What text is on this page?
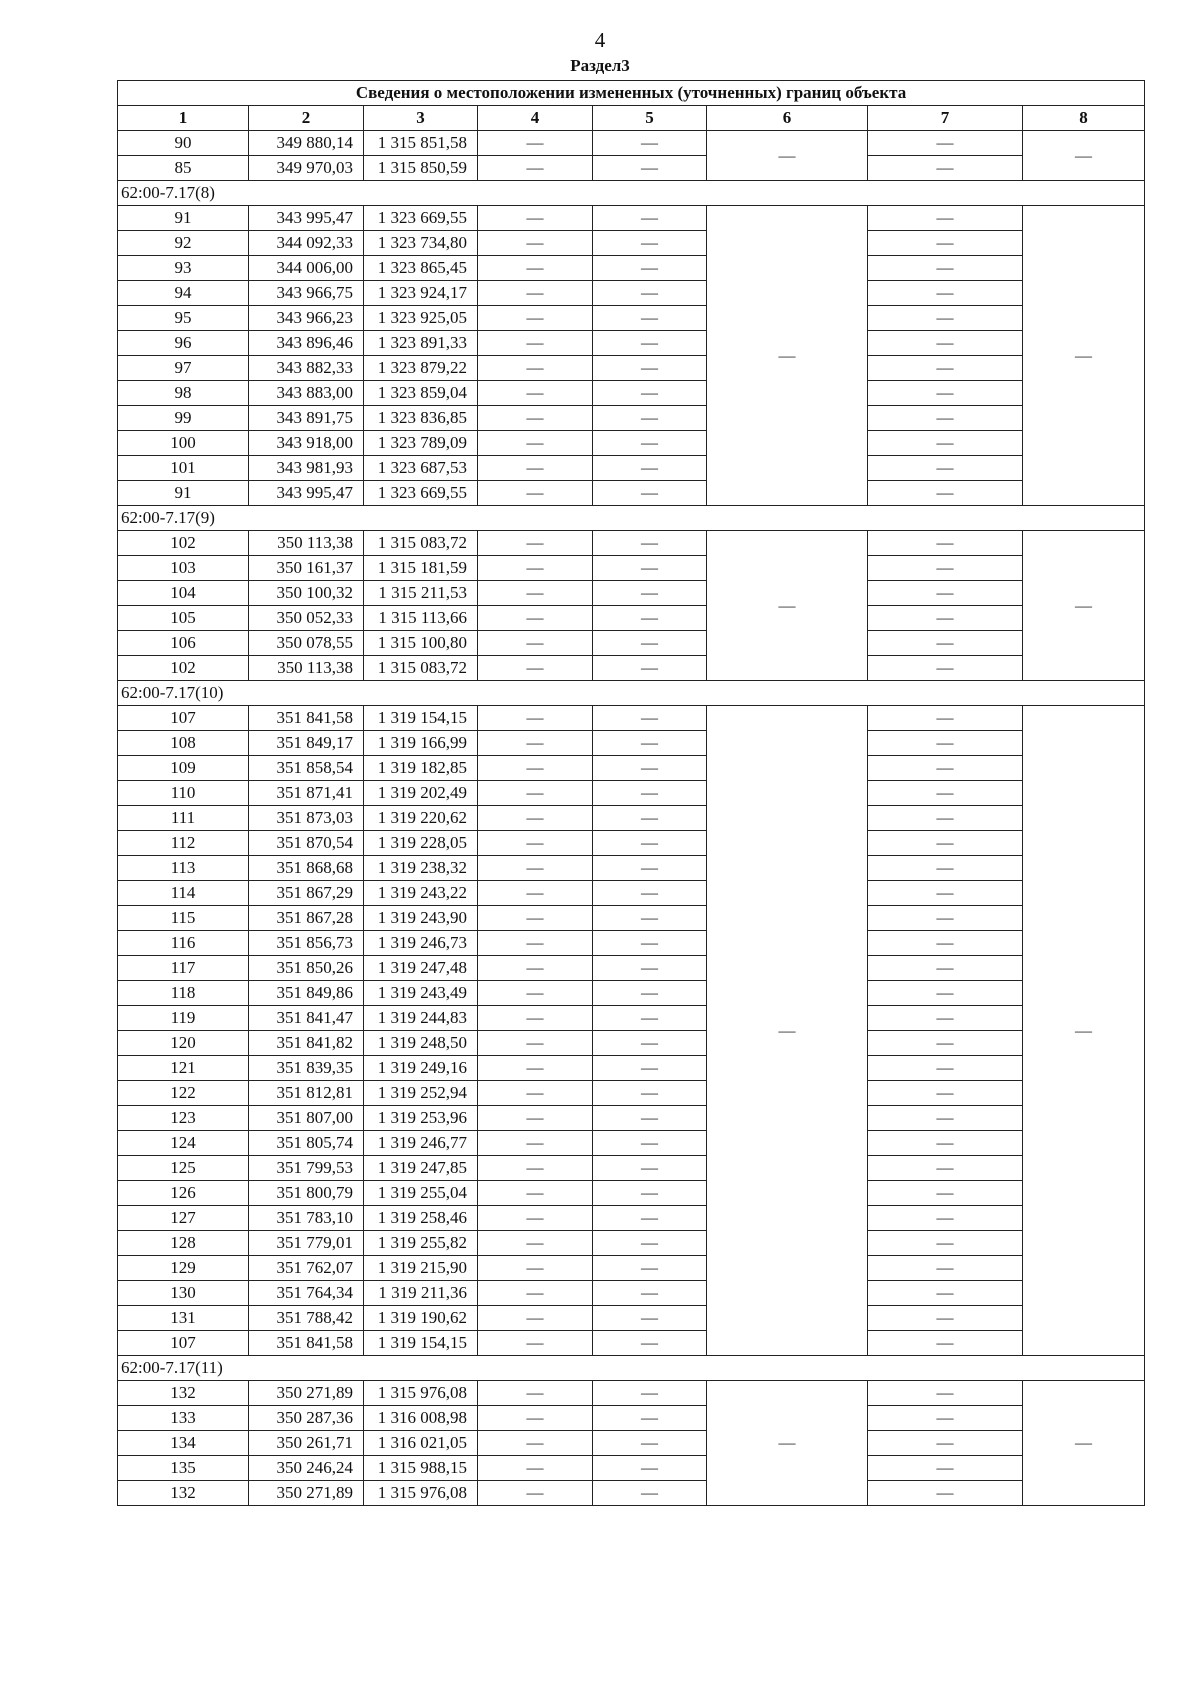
4
Раздел3
Сведения о местоположении измененных (уточненных) границ объекта							
1	2	3	4	5	6	7	8
90	349 880,14	1 315 851,58	—	—	—	—	—
85	349 970,03	1 315 850,59	—	—		—	
62:00-7.17(8)							
91	343 995,47	1 323 669,55	—	—	—	—	—
92	344 092,33	1 323 734,80	—	—		—	
93	344 006,00	1 323 865,45	—	—		—	
94	343 966,75	1 323 924,17	—	—		—	
95	343 966,23	1 323 925,05	—	—		—	
96	343 896,46	1 323 891,33	—	—		—	
97	343 882,33	1 323 879,22	—	—		—	
98	343 883,00	1 323 859,04	—	—		—	
99	343 891,75	1 323 836,85	—	—		—	
100	343 918,00	1 323 789,09	—	—		—	
101	343 981,93	1 323 687,53	—	—		—	
91	343 995,47	1 323 669,55	—	—		—	
62:00-7.17(9)							
102	350 113,38	1 315 083,72	—	—	—	—	—
103	350 161,37	1 315 181,59	—	—		—	
104	350 100,32	1 315 211,53	—	—		—	
105	350 052,33	1 315 113,66	—	—		—	
106	350 078,55	1 315 100,80	—	—		—	
102	350 113,38	1 315 083,72	—	—		—	
62:00-7.17(10)							
107	351 841,58	1 319 154,15	—	—	—	—	—
108	351 849,17	1 319 166,99	—	—		—	
109	351 858,54	1 319 182,85	—	—		—	
110	351 871,41	1 319 202,49	—	—		—	
111	351 873,03	1 319 220,62	—	—		—	
112	351 870,54	1 319 228,05	—	—		—	
113	351 868,68	1 319 238,32	—	—		—	
114	351 867,29	1 319 243,22	—	—		—	
115	351 867,28	1 319 243,90	—	—		—	
116	351 856,73	1 319 246,73	—	—		—	
117	351 850,26	1 319 247,48	—	—		—	
118	351 849,86	1 319 243,49	—	—		—	
119	351 841,47	1 319 244,83	—	—		—	
120	351 841,82	1 319 248,50	—	—		—	
121	351 839,35	1 319 249,16	—	—		—	
122	351 812,81	1 319 252,94	—	—		—	
123	351 807,00	1 319 253,96	—	—		—	
124	351 805,74	1 319 246,77	—	—		—	
125	351 799,53	1 319 247,85	—	—		—	
126	351 800,79	1 319 255,04	—	—		—	
127	351 783,10	1 319 258,46	—	—		—	
128	351 779,01	1 319 255,82	—	—		—	
129	351 762,07	1 319 215,90	—	—		—	
130	351 764,34	1 319 211,36	—	—		—	
131	351 788,42	1 319 190,62	—	—		—	
107	351 841,58	1 319 154,15	—	—		—	
62:00-7.17(11)							
132	350 271,89	1 315 976,08	—	—	—	—	—
133	350 287,36	1 316 008,98	—	—		—	
134	350 261,71	1 316 021,05	—	—		—	
135	350 246,24	1 315 988,15	—	—		—	
132	350 271,89	1 315 976,08	—	—		—	
